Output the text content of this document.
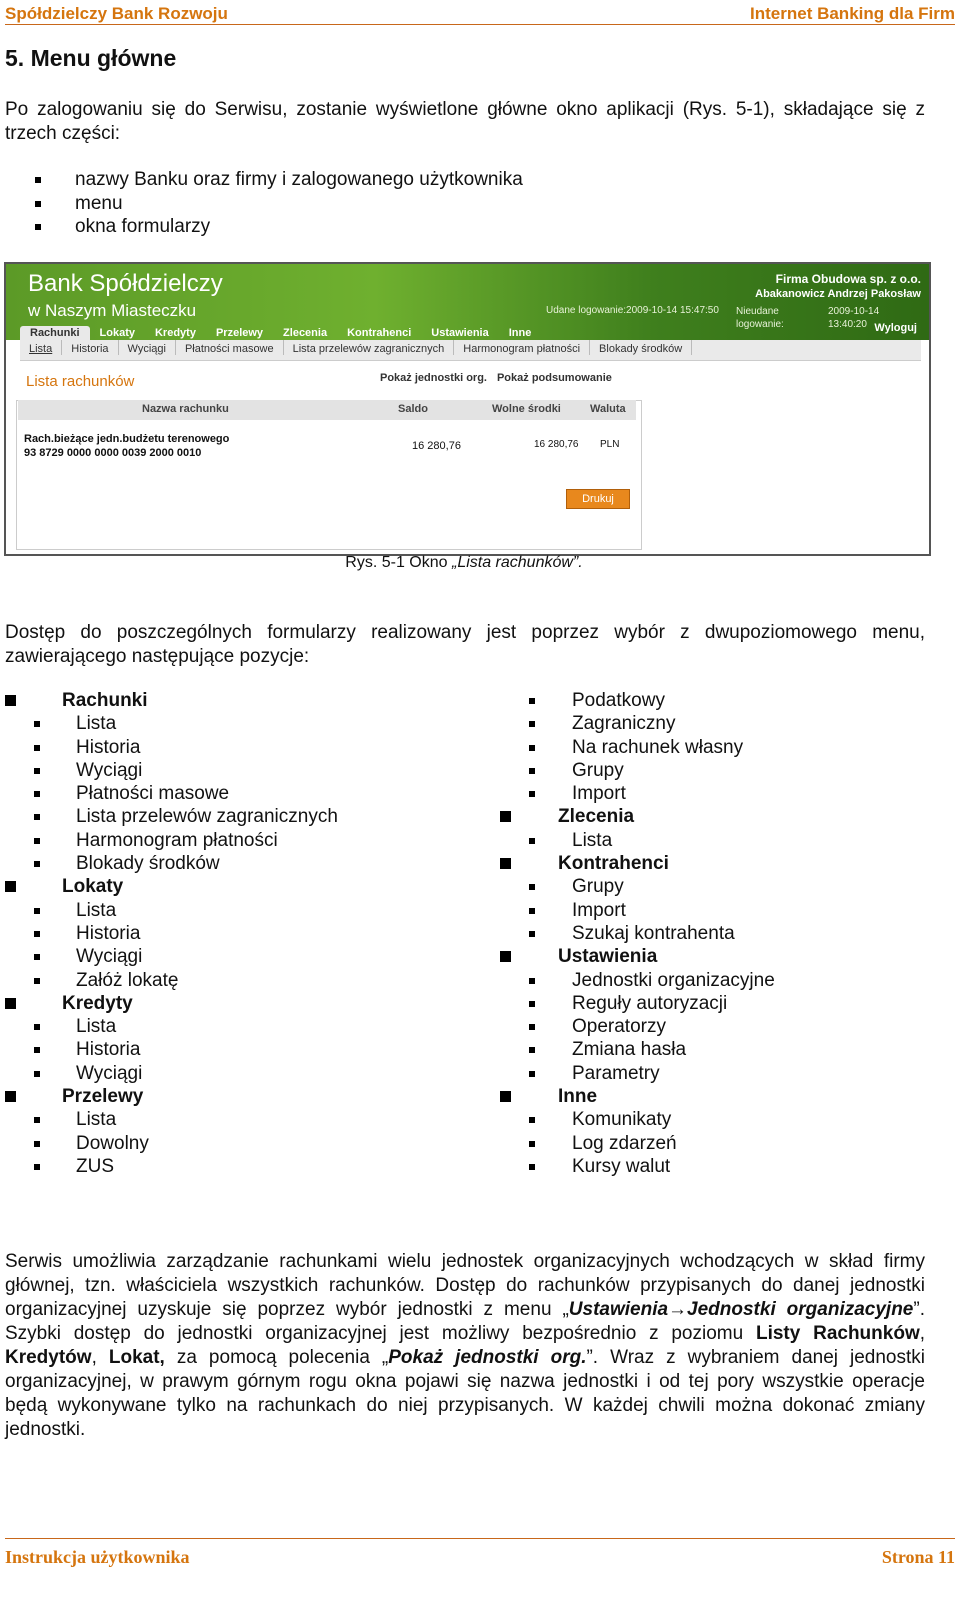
Spółdzielczy Bank Rozwoju	Internet Banking dla Firm
5. Menu główne
Po zalogowaniu się do Serwisu, zostanie wyświetlone główne okno aplikacji (Rys. 5-1), składające się z trzech części:
nazwy Banku oraz firmy i zalogowanego użytkownika
menu
okna formularzy
Bank Spółdzielczy
w Naszym Miasteczku
Firma Obudowa sp. z o.o.
Abakanowicz Andrzej Pakosław
Udane logowanie:2009-10-14 15:47:50 Nieudane
logowanie:
2009-10-14
13:40:20 Wyloguj
Rachunki Lokaty Kredyty Przelewy Zlecenia Kontrahenci Ustawienia Inne
Lista Historia Wyciągi Płatności masowe Lista przelewów zagranicznych Harmonogram płatności Blokady środków
Lista rachunków	Pokaż jednostki org. Pokaż podsumowanie
Nazwa rachunku	Saldo	Wolne środki	Waluta
Rach.bieżące jedn.budżetu terenowego
93 8729 0000 0000 0039 2000 0010
16 280,76	16 280,76 PLN
Drukuj
Rys. 5-1 Okno „Lista rachunków”.
Dostęp do poszczególnych formularzy realizowany jest poprzez wybór z dwupoziomowego menu, zawierającego następujące pozycje:
Rachunki
Lista
Historia
Wyciągi
Płatności masowe
Lista przelewów zagranicznych
Harmonogram płatności
Blokady środków
Lokaty
Lista
Historia
Wyciągi
Załóż lokatę
Kredyty
Lista
Historia
Wyciągi
Przelewy
Lista
Dowolny
ZUS
Podatkowy
Zagraniczny
Na rachunek własny
Grupy
Import
Zlecenia
Lista
Kontrahenci
Grupy
Import
Szukaj kontrahenta
Ustawienia
Jednostki organizacyjne
Reguły autoryzacji
Operatorzy
Zmiana hasła
Parametry
Inne
Komunikaty
Log zdarzeń
Kursy walut
Serwis umożliwia zarządzanie rachunkami wielu jednostek organizacyjnych wchodzących w skład firmy głównej, tzn. właściciela wszystkich rachunków. Dostęp do rachunków przypisanych do danej jednostki organizacyjnej uzyskuje się poprzez wybór jednostki z menu „Ustawienia→Jednostki organizacyjne”. Szybki dostęp do jednostki organizacyjnej jest możliwy bezpośrednio z poziomu Listy Rachunków, Kredytów, Lokat, za pomocą polecenia „Pokaż jednostki org.”. Wraz z wybraniem danej jednostki organizacyjnej, w prawym górnym rogu okna pojawi się nazwa jednostki i od tej pory wszystkie operacje będą wykonywane tylko na rachunkach do niej przypisanych. W każdej chwili można dokonać zmiany jednostki.
Instrukcja użytkownika	Strona 11
